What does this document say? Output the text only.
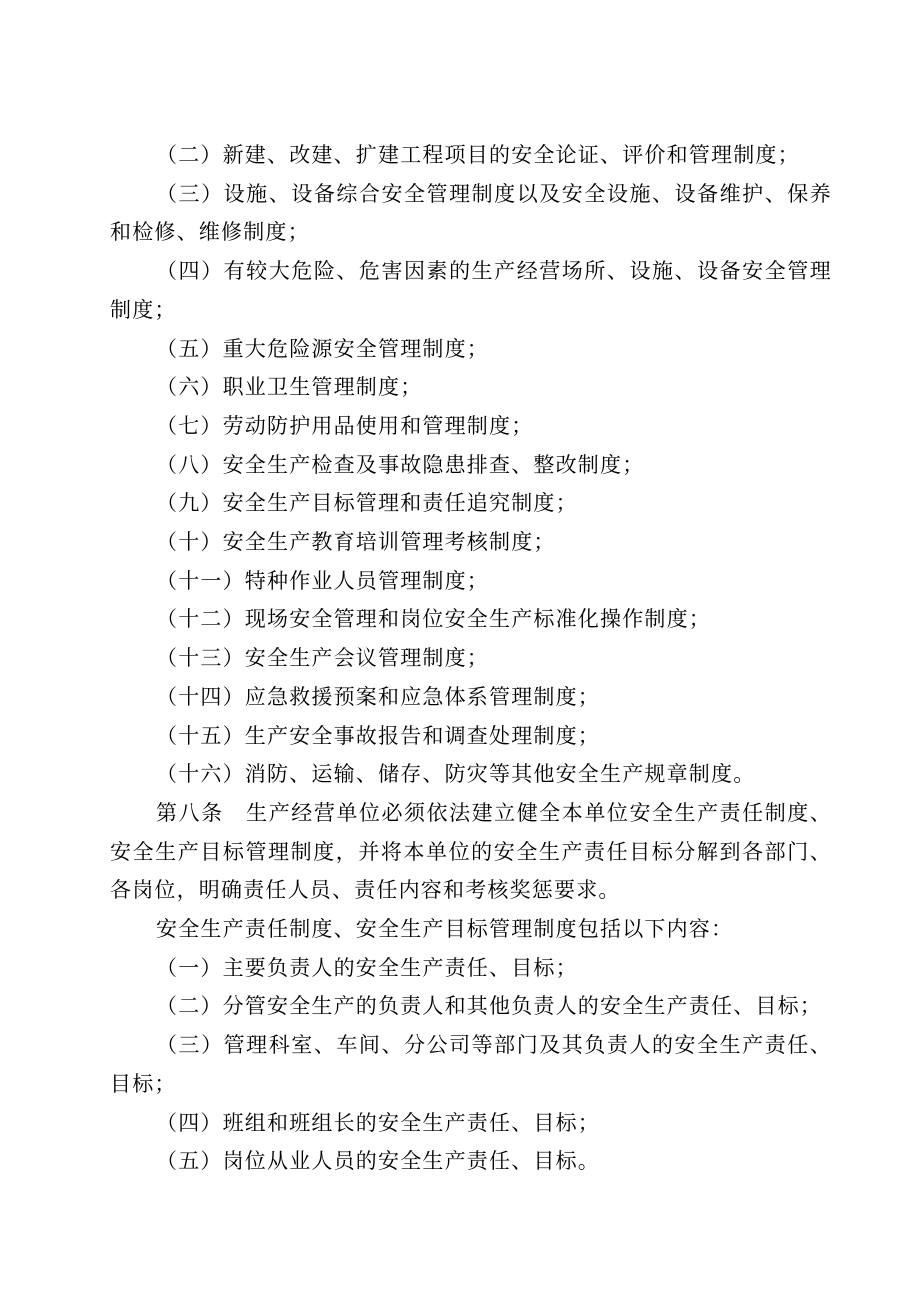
（二）新建、改建、扩建工程项目的安全论证、评价和管理制度；

（三）设施、设备综合安全管理制度以及安全设施、设备维护、保养和检修、维修制度；

（四）有较大危险、危害因素的生产经营场所、设施、设备安全管理制度；

（五）重大危险源安全管理制度；

（六）职业卫生管理制度；

（七）劳动防护用品使用和管理制度；

（八）安全生产检查及事故隐患排查、整改制度；

（九）安全生产目标管理和责任追究制度；

（十）安全生产教育培训管理考核制度；

（十一）特种作业人员管理制度；

（十二）现场安全管理和岗位安全生产标准化操作制度；

（十三）安全生产会议管理制度；

（十四）应急救援预案和应急体系管理制度；

（十五）生产安全事故报告和调查处理制度；

（十六）消防、运输、储存、防灾等其他安全生产规章制度。

第八条　生产经营单位必须依法建立健全本单位安全生产责任制度、安全生产目标管理制度，并将本单位的安全生产责任目标分解到各部门、各岗位，明确责任人员、责任内容和考核奖惩要求。

安全生产责任制度、安全生产目标管理制度包括以下内容：

（一）主要负责人的安全生产责任、目标；

（二）分管安全生产的负责人和其他负责人的安全生产责任、目标；

（三）管理科室、车间、分公司等部门及其负责人的安全生产责任、目标；

（四）班组和班组长的安全生产责任、目标；

（五）岗位从业人员的安全生产责任、目标。
